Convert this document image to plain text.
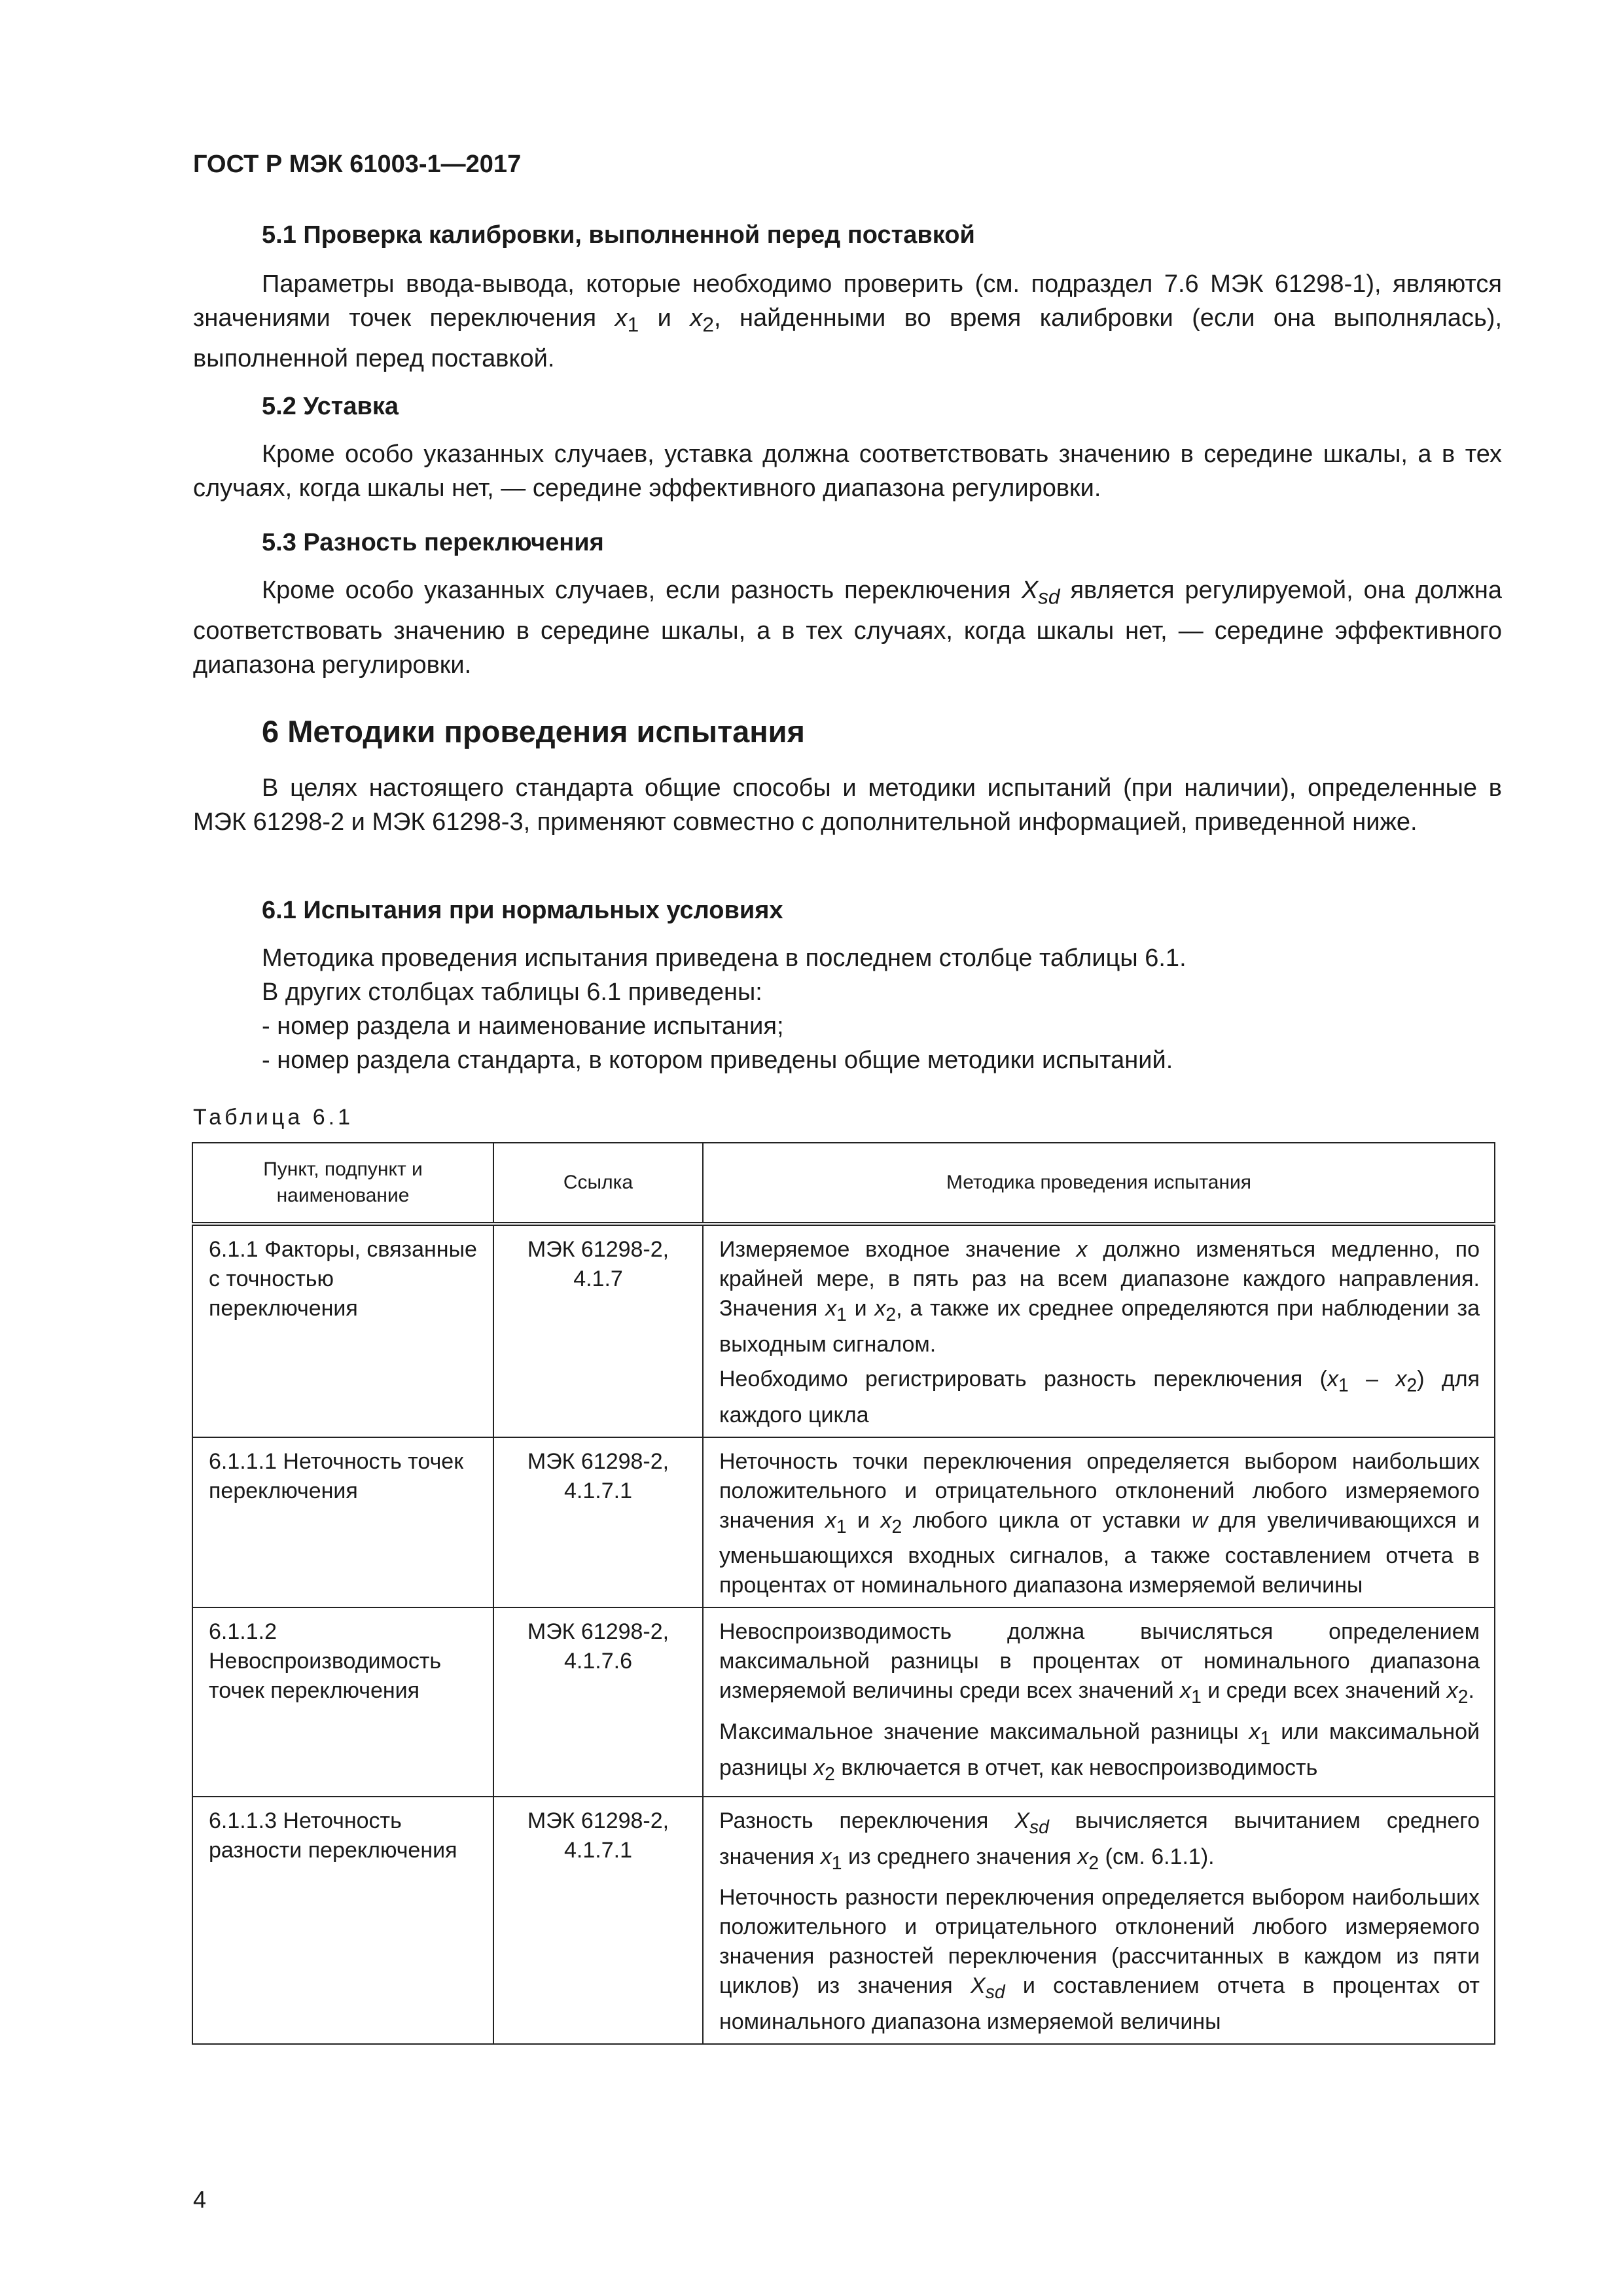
ГОСТ Р МЭК 61003-1—2017
5.1 Проверка калибровки, выполненной перед поставкой

Параметры ввода-вывода, которые необходимо проверить (см. подраздел 7.6 МЭК 61298-1), являются значениями точек переключения $x_1$ и $x_2$, найденными во время калибровки (если она выполнялась), выполненной перед поставкой.

5.2 Уставка

Кроме особо указанных случаев, уставка должна соответствовать значению в середине шкалы, а в тех случаях, когда шкалы нет, — середине эффективного диапазона регулировки.

5.3 Разность переключения

Кроме особо указанных случаев, если разность переключения $X_{sd}$ является регулируемой, она должна соответствовать значению в середине шкалы, а в тех случаях, когда шкалы нет, — середине эффективного диапазона регулировки.

6 Методики проведения испытания

В целях настоящего стандарта общие способы и методики испытаний (при наличии), определенные в МЭК 61298-2 и МЭК 61298-3, применяют совместно с дополнительной информацией, приведенной ниже.

6.1 Испытания при нормальных условиях

Методика проведения испытания приведена в последнем столбце таблицы 6.1.

В других столбцах таблицы 6.1 приведены:

- номер раздела и наименование испытания;
- номер раздела стандарта, в котором приведены общие методики испытаний.
Таблица 6.1
Пункт, подпункт и наименование	Ссылка	Методика проведения испытания
6.1.1 Факторы, связанные с точностью переключения	МЭК 61298-2, 4.1.7	Измеряемое входное значение x должно изменяться медленно, по крайней мере, в пять раз на всем диапазоне каждого направления. Значения $x_1$ и $x_2$, а также их среднее определяются при наблюдении за выходным сигналом.

Необходимо регистрировать разность переключения $(x_1 - x_2)$ для каждого цикла

6.1.1.1 Неточность точек переключения	МЭК 61298-2, 4.1.7.1	Неточность точки переключения определяется выбором наибольших положительного и отрицательного отклонений любого измеряемого значения $x_1$ и $x_2$ любого цикла от уставки w для увеличивающихся и уменьшающихся входных сигналов, а также составлением отчета в процентах от номинального диапазона измеряемой величины

6.1.1.2 Невоспроизводимость точек переключения	МЭК 61298-2, 4.1.7.6	Невоспроизводимость должна вычисляться определением максимальной разницы в процентах от номинального диапазона измеряемой величины среди всех значений $x_1$ и среди всех значений $x_2$.

Максимальное значение максимальной разницы $x_1$ или максимальной разницы $x_2$ включается в отчет, как невоспроизводимость

6.1.1.3 Неточность разности переключения	МЭК 61298-2, 4.1.7.1	Разность переключения $X_{sd}$ вычисляется вычитанием среднего значения $x_1$ из среднего значения $x_2$ (см. 6.1.1).

Неточность разности переключения определяется выбором наибольших положительного и отрицательного отклонений любого измеряемого значения разностей переключения (рассчитанных в каждом из пяти циклов) из значения $X_{sd}$ и составлением отчета в процентах от номинального диапазона измеряемой величины

4
